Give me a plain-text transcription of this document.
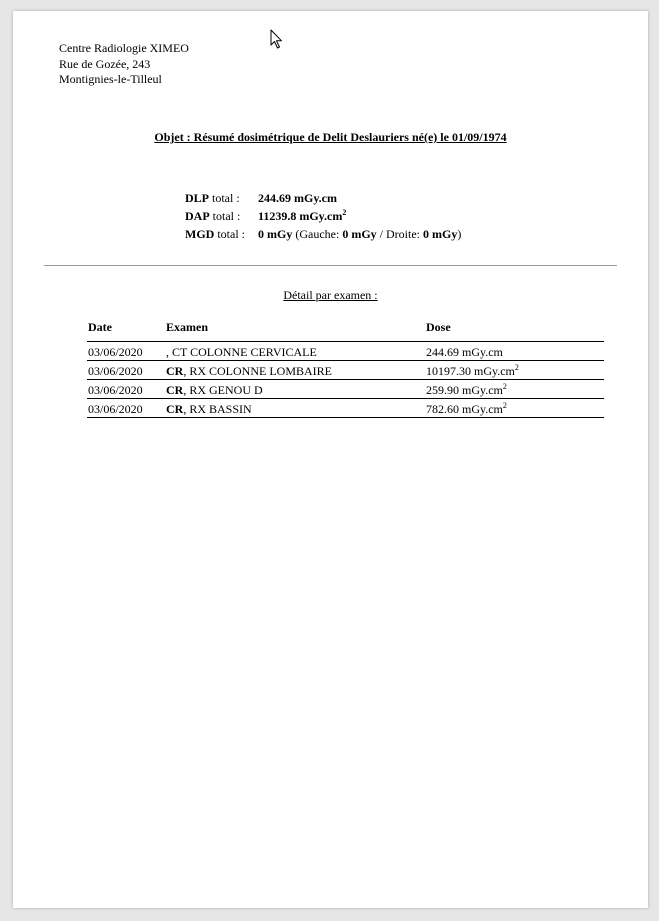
Centre Radiologie XIMEO
Rue de Gozée, 243
Montignies-le-Tilleul
Objet : Résumé dosimétrique de Delit Deslauriers né(e) le 01/09/1974
DLP total :	244.69 mGy.cm
DAP total :	11239.8 $mGy.cm^2$
MGD total :	0 mGy (Gauche: 0 mGy / Droite: 0 mGy)
Détail par examen :
Date	Examen	Dose
03/06/2020	, CT COLONNE CERVICALE	244.69 mGy.cm
03/06/2020	CR, RX COLONNE LOMBAIRE	10197.30 $mGy.cm^2$
03/06/2020	CR, RX GENOU D	259.90 $mGy.cm^2$
03/06/2020	CR, RX BASSIN	782.60 $mGy.cm^2$
